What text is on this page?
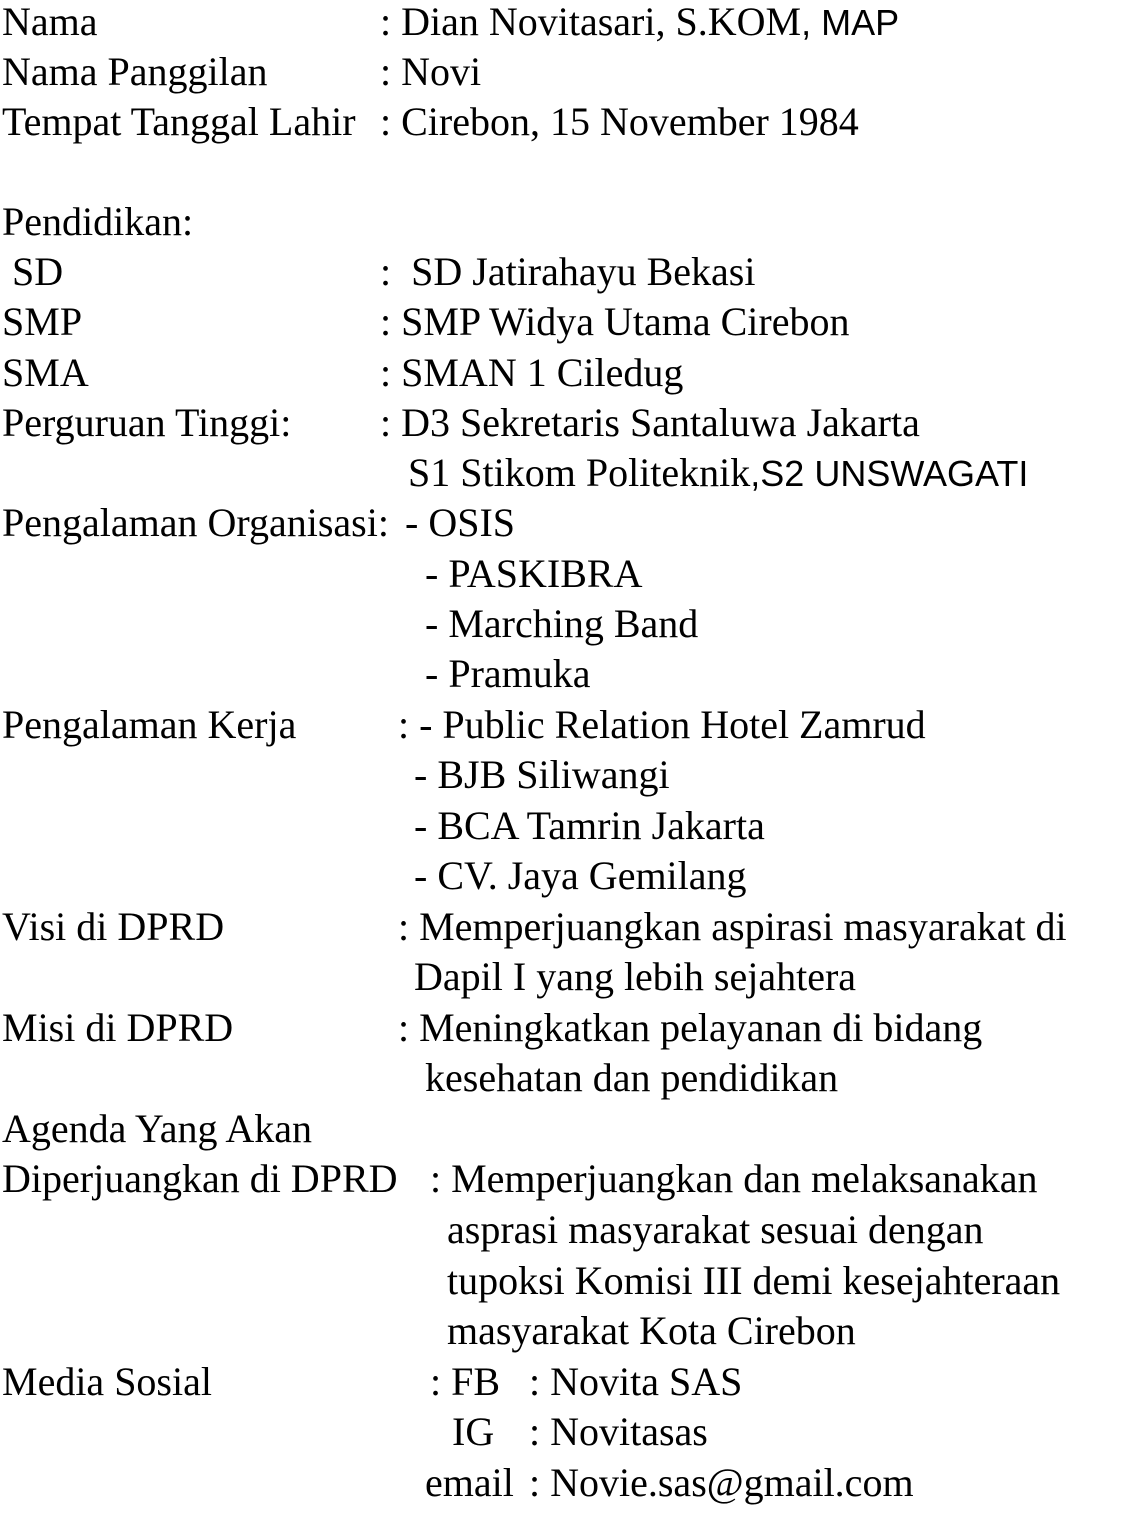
Nama	: Dian Novitasari, S.KOM, MAP
Nama Panggilan	: Novi
Tempat Tanggal Lahir : Cirebon, 15 November 1984
Pendidikan:
SD	:  SD Jatirahayu Bekasi
SMP	: SMP Widya Utama Cirebon
SMA	: SMAN 1 Ciledug
Perguruan Tinggi: : D3 Sekretaris Santaluwa Jakarta
S1 Stikom Politeknik,S2 UNSWAGATI
Pengalaman Organisasi: - OSIS
- PASKIBRA
- Marching Band
- Pramuka
Pengalaman Kerja	: - Public Relation Hotel Zamrud
- BJB Siliwangi
- BCA Tamrin Jakarta
- CV. Jaya Gemilang
Visi di DPRD	: Memperjuangkan aspirasi masyarakat di
Dapil I yang lebih sejahtera
Misi di DPRD	: Meningkatkan pelayanan di bidang
kesehatan dan pendidikan
Agenda Yang Akan
Diperjuangkan di DPRD : Memperjuangkan dan melaksanakan
asprasi masyarakat sesuai dengan
tupoksi Komisi III demi kesejahteraan
masyarakat Kota Cirebon
Media Sosial	: FB : Novita SAS
IG : Novitasas
email : Novie.sas@gmail.com
